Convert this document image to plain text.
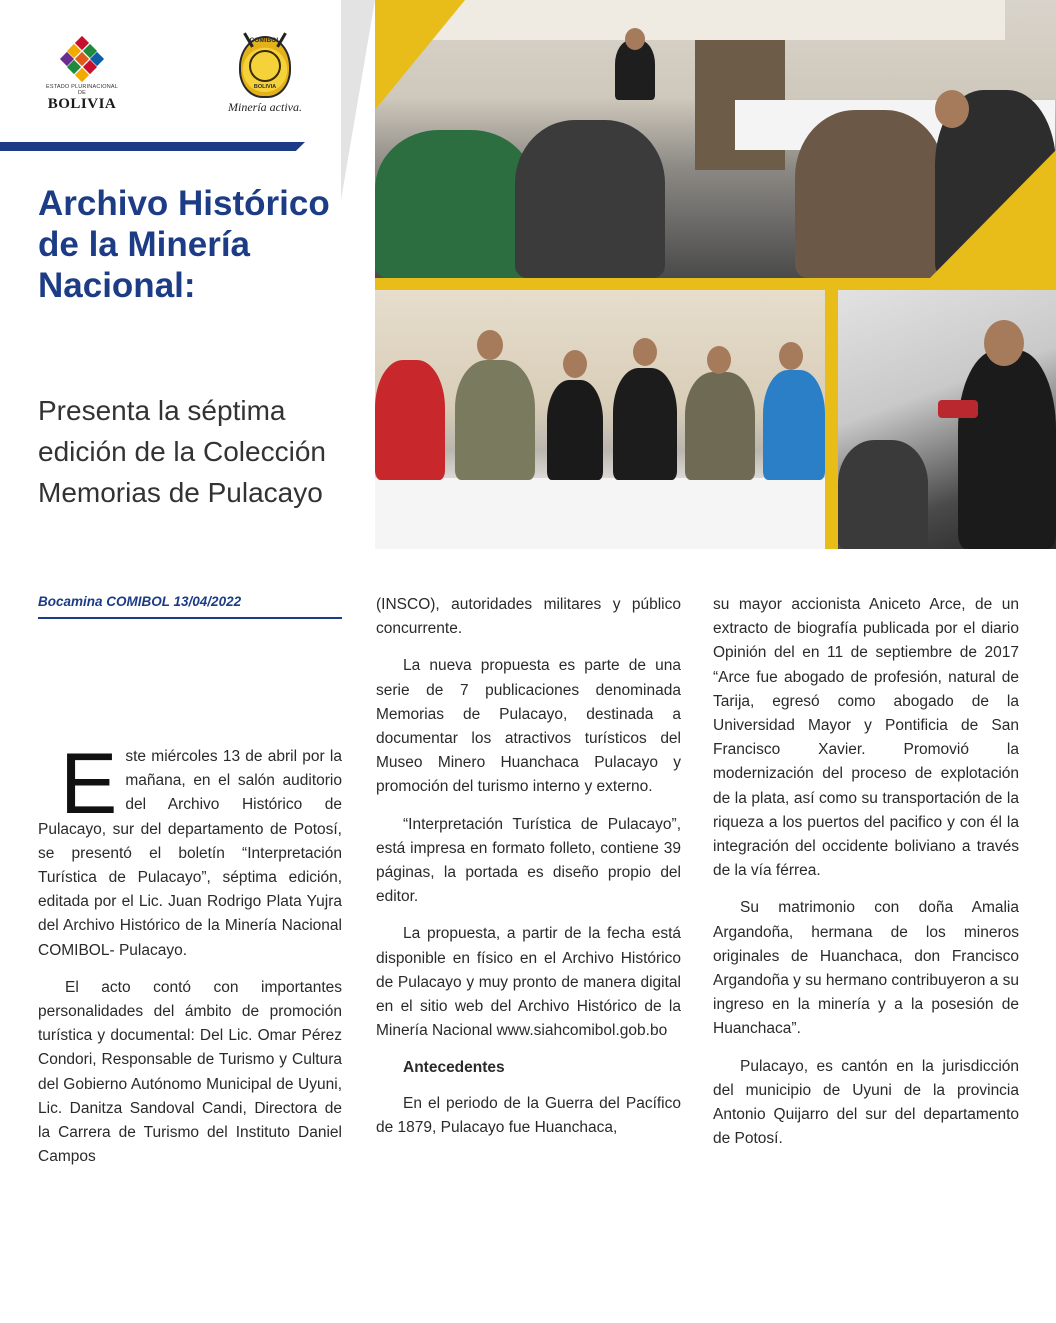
ESTADO PLURINACIONAL DE
BOLIVIA
COMIBOL
BOLIVIA
Minería activa.
Archivo Histórico de la Minería Nacional:
Presenta la séptima edición de la Colección Memorias de Pulacayo
Bocamina COMIBOL 13/04/2022

Este miércoles 13 de abril por la mañana, en el salón auditorio del Archivo Histórico de Pulacayo, sur del departamento de Potosí, se presentó el boletín “Interpretación Turística de Pulacayo”, séptima edición, editada por el Lic. Juan Rodrigo Plata Yujra del Archivo Histórico de la Minería Nacional COMIBOL- Pulacayo.

El acto contó con importantes personalidades del ámbito de promoción turística y documental: Del Lic. Omar Pérez Condori, Responsable de Turismo y Cultura del Gobierno Autónomo Municipal de Uyuni, Lic. Danitza Sandoval Candi, Directora de la Carrera de Turismo del Instituto Daniel Campos

(INSCO), autoridades militares y público concurrente.

La nueva propuesta es parte de una serie de 7 publicaciones denominada Memorias de Pulacayo, destinada a documentar los atractivos turísticos del Museo Minero Huanchaca Pulacayo y promoción del turismo interno y externo.

“Interpretación Turística de Pulacayo”, está impresa en formato folleto, contiene 39 páginas, la portada es diseño propio del editor.

La propuesta, a partir de la fecha está disponible en físico en el Archivo Histórico de Pulacayo y muy pronto de manera digital en el sitio web del Archivo Histórico de la Minería Nacional www.siahcomibol.gob.bo

Antecedentes

En el periodo de la Guerra del Pacífico de 1879, Pulacayo fue Huanchaca,

su mayor accionista Aniceto Arce, de un extracto de biografía publicada por el diario Opinión del en 11 de septiembre de 2017 “Arce fue abogado de profesión, natural de Tarija, egresó como abogado de la Universidad Mayor y Pontificia de San Francisco Xavier. Promovió la modernización del proceso de explotación de la plata, así como su transportación de la riqueza a los puertos del pacifico y con él la integración del occidente boliviano a través de la vía férrea.

Su matrimonio con doña Amalia Argandoña, hermana de los mineros originales de Huanchaca, don Francisco Argandoña y su hermano contribuyeron a su ingreso en la minería y a la posesión de Huanchaca”.

Pulacayo, es cantón en la jurisdicción del municipio de Uyuni de la provincia Antonio Quijarro del sur del departamento de Potosí.
